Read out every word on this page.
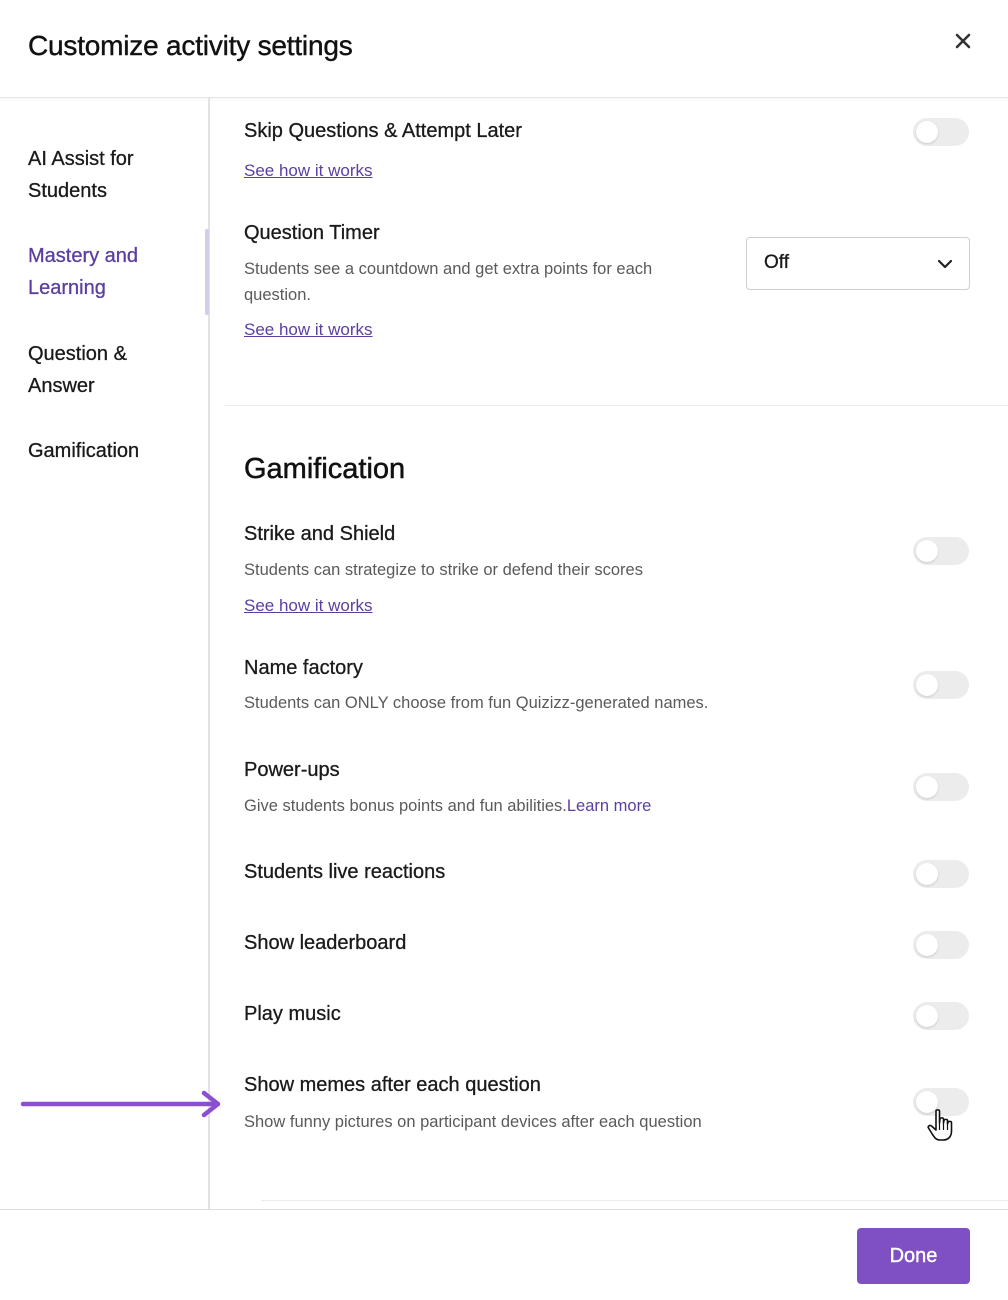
Customize activity settings
AI Assist for Students
Mastery and Learning
Question & Answer
Gamification
Skip Questions & Attempt Later
See how it works
Question Timer
Students see a countdown and get extra points for each question.
See how it works
Off
Gamification
Strike and Shield
Students can strategize to strike or defend their scores
See how it works
Name factory
Students can ONLY choose from fun Quizizz-generated names.
Power-ups
Give students bonus points and fun abilities.Learn more
Students live reactions
Show leaderboard
Play music
Show memes after each question
Show funny pictures on participant devices after each question
Done
